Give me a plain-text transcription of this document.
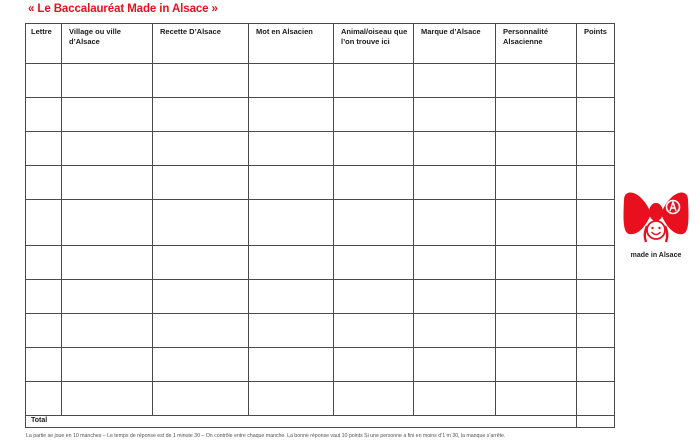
« Le Baccalauréat Made in Alsace »
Lettre	Village ou ville d’Alsace	Recette D’Alsace	Mot en Alsacien	Animal/oiseau que l’on trouve ici	Marque d’Alsace	Personnalité Alsacienne	Points

Total							
La partie se joue en 10 manches – Le temps de réponse est de 1 minute 30 – On contrôle entre chaque manche. La bonne réponse vaut 10 points Si une personne a fini en moins d’1 m 30, la manque s’arrête.
made in Alsace
